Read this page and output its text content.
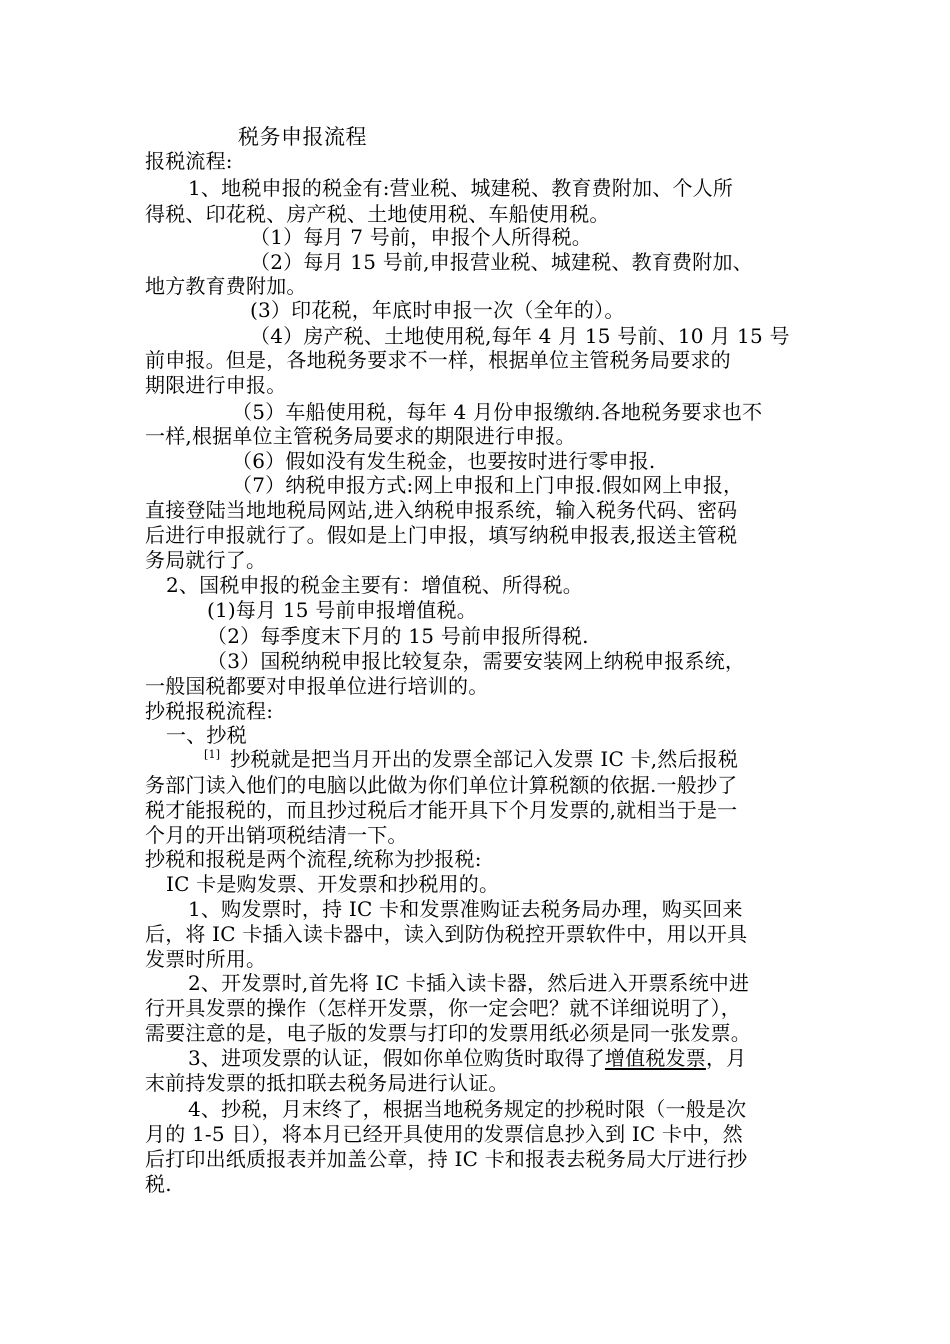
税务申报流程
报税流程:
1、地税申报的税金有:营业税、城建税、教育费附加、个人所
得税、印花税、房产税、土地使用税、车船使用税。
（1）每月 7 号前，申报个人所得税。
（2）每月 15 号前,申报营业税、城建税、教育费附加、
地方教育费附加。
(3）印花税，年底时申报一次（全年的）。
（4）房产税、土地使用税,每年 4 月 15 号前、10 月 15 号
前申报。但是，各地税务要求不一样，根据单位主管税务局要求的
期限进行申报。
（5）车船使用税，每年 4 月份申报缴纳.各地税务要求也不
一样,根据单位主管税务局要求的期限进行申报。
（6）假如没有发生税金，也要按时进行零申报.
（7）纳税申报方式:网上申报和上门申报.假如网上申报，
直接登陆当地地税局网站,进入纳税申报系统，输入税务代码、密码
后进行申报就行了。假如是上门申报，填写纳税申报表,报送主管税
务局就行了。
2、国税申报的税金主要有：增值税、所得税。
(1)每月 15 号前申报增值税。
（2）每季度末下月的 15 号前申报所得税.
（3）国税纳税申报比较复杂，需要安装网上纳税申报系统，
一般国税都要对申报单位进行培训的。
抄税报税流程:
一、抄税
[1] 抄税就是把当月开出的发票全部记入发票 IC 卡,然后报税
务部门读入他们的电脑以此做为你们单位计算税额的依据.一般抄了
税才能报税的，而且抄过税后才能开具下个月发票的,就相当于是一
个月的开出销项税结清一下。
抄税和报税是两个流程,统称为抄报税:
IC 卡是购发票、开发票和抄税用的。
1、购发票时，持 IC 卡和发票准购证去税务局办理，购买回来
后，将 IC 卡插入读卡器中，读入到防伪税控开票软件中，用以开具
发票时所用。
2、开发票时,首先将 IC 卡插入读卡器，然后进入开票系统中进
行开具发票的操作（怎样开发票，你一定会吧？就不详细说明了），
需要注意的是，电子版的发票与打印的发票用纸必须是同一张发票。
3、进项发票的认证，假如你单位购货时取得了增值税发票，月
末前持发票的抵扣联去税务局进行认证。
4、抄税，月末终了，根据当地税务规定的抄税时限（一般是次
月的 1-5 日），将本月已经开具使用的发票信息抄入到 IC 卡中，然
后打印出纸质报表并加盖公章，持 IC 卡和报表去税务局大厅进行抄
税.
